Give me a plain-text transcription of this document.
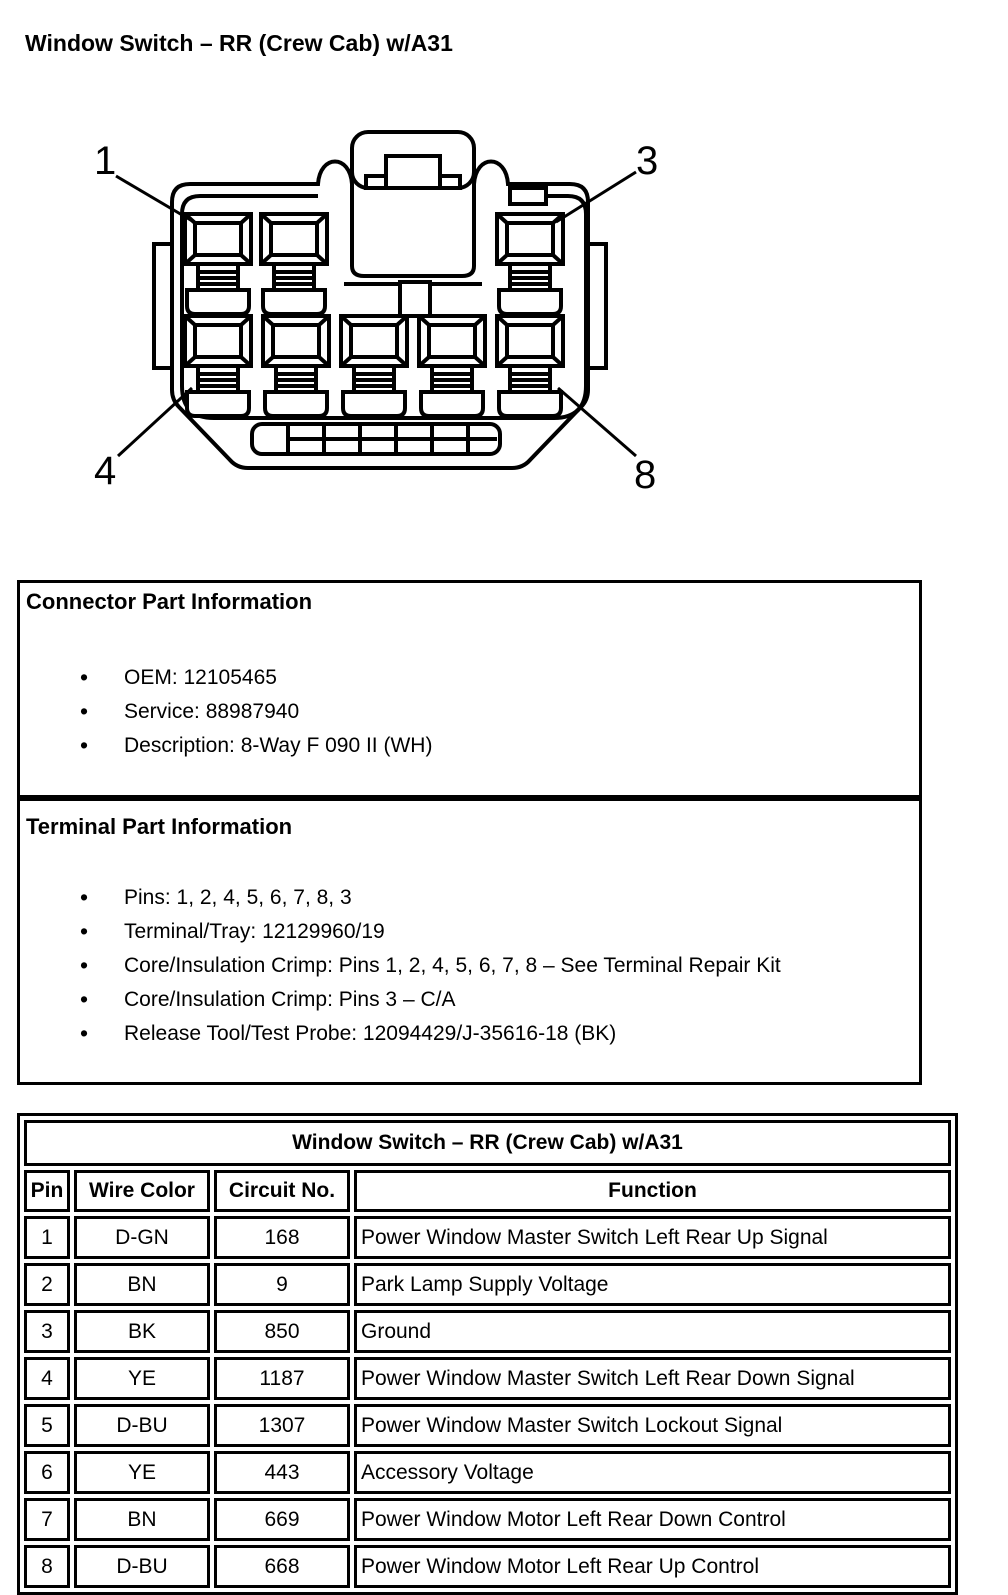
Window Switch – RR (Crew Cab) w/A31
1	3
4	8
Connector Part Information
•	OEM: 12105465
•	Service: 88987940
•	Description: 8-Way F 090 II (WH)
Terminal Part Information
•	Pins: 1, 2, 4, 5, 6, 7, 8, 3
•	Terminal/Tray: 12129960/19
•	Core/Insulation Crimp: Pins 1, 2, 4, 5, 6, 7, 8 – See Terminal Repair Kit
•	Core/Insulation Crimp: Pins 3 – C/A
•	Release Tool/Test Probe: 12094429/J-35616-18 (BK)
Window Switch – RR (Crew Cab) w/A31			
Pin	Wire Color	Circuit No.	Function
1	D-GN	168	Power Window Master Switch Left Rear Up Signal
2	BN	9	Park Lamp Supply Voltage
3	BK	850	Ground
4	YE	1187	Power Window Master Switch Left Rear Down Signal
5	D-BU	1307	Power Window Master Switch Lockout Signal
6	YE	443	Accessory Voltage
7	BN	669	Power Window Motor Left Rear Down Control
8	D-BU	668	Power Window Motor Left Rear Up Control
